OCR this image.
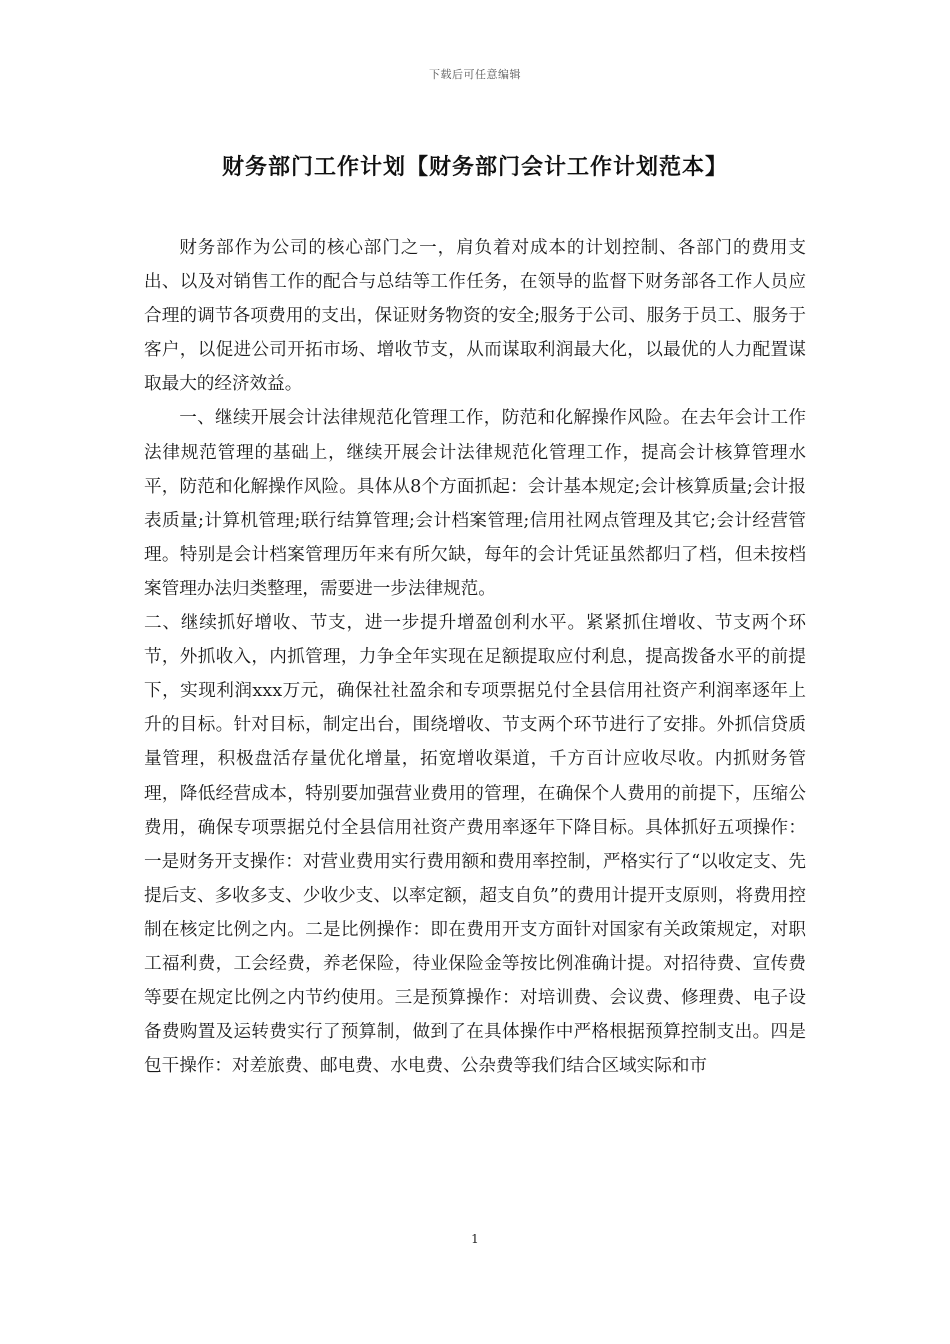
下载后可任意编辑
财务部门工作计划【财务部门会计工作计划范本】

财务部作为公司的核心部门之一，肩负着对成本的计划控制、各部门的费用支出、以及对销售工作的配合与总结等工作任务，在领导的监督下财务部各工作人员应合理的调节各项费用的支出，保证财务物资的安全;服务于公司、服务于员工、服务于客户，以促进公司开拓市场、增收节支，从而谋取利润最大化，以最优的人力配置谋取最大的经济效益。

一、继续开展会计法律规范化管理工作，防范和化解操作风险。在去年会计工作法律规范管理的基础上，继续开展会计法律规范化管理工作，提高会计核算管理水平，防范和化解操作风险。具体从8个方面抓起：会计基本规定;会计核算质量;会计报表质量;计算机管理;联行结算管理;会计档案管理;信用社网点管理及其它;会计经营管理。特别是会计档案管理历年来有所欠缺，每年的会计凭证虽然都归了档，但未按档案管理办法归类整理，需要进一步法律规范。

二、继续抓好增收、节支，进一步提升增盈创利水平。紧紧抓住增收、节支两个环节，外抓收入，内抓管理，力争全年实现在足额提取应付利息，提高拨备水平的前提下，实现利润xxx万元，确保社社盈余和专项票据兑付全县信用社资产利润率逐年上升的目标。针对目标，制定出台，围绕增收、节支两个环节进行了安排。外抓信贷质量管理，积极盘活存量优化增量，拓宽增收渠道，千方百计应收尽收。内抓财务管理，降低经营成本，特别要加强营业费用的管理，在确保个人费用的前提下，压缩公费用，确保专项票据兑付全县信用社资产费用率逐年下降目标。具体抓好五项操作：一是财务开支操作：对营业费用实行费用额和费用率控制，严格实行了“以收定支、先提后支、多收多支、少收少支、以率定额，超支自负”的费用计提开支原则，将费用控制在核定比例之内。二是比例操作：即在费用开支方面针对国家有关政策规定，对职工福利费，工会经费，养老保险，待业保险金等按比例准确计提。对招待费、宣传费等要在规定比例之内节约使用。三是预算操作：对培训费、会议费、修理费、电子设备费购置及运转费实行了预算制，做到了在具体操作中严格根据预算控制支出。四是包干操作：对差旅费、邮电费、水电费、公杂费等我们结合区域实际和市

1
